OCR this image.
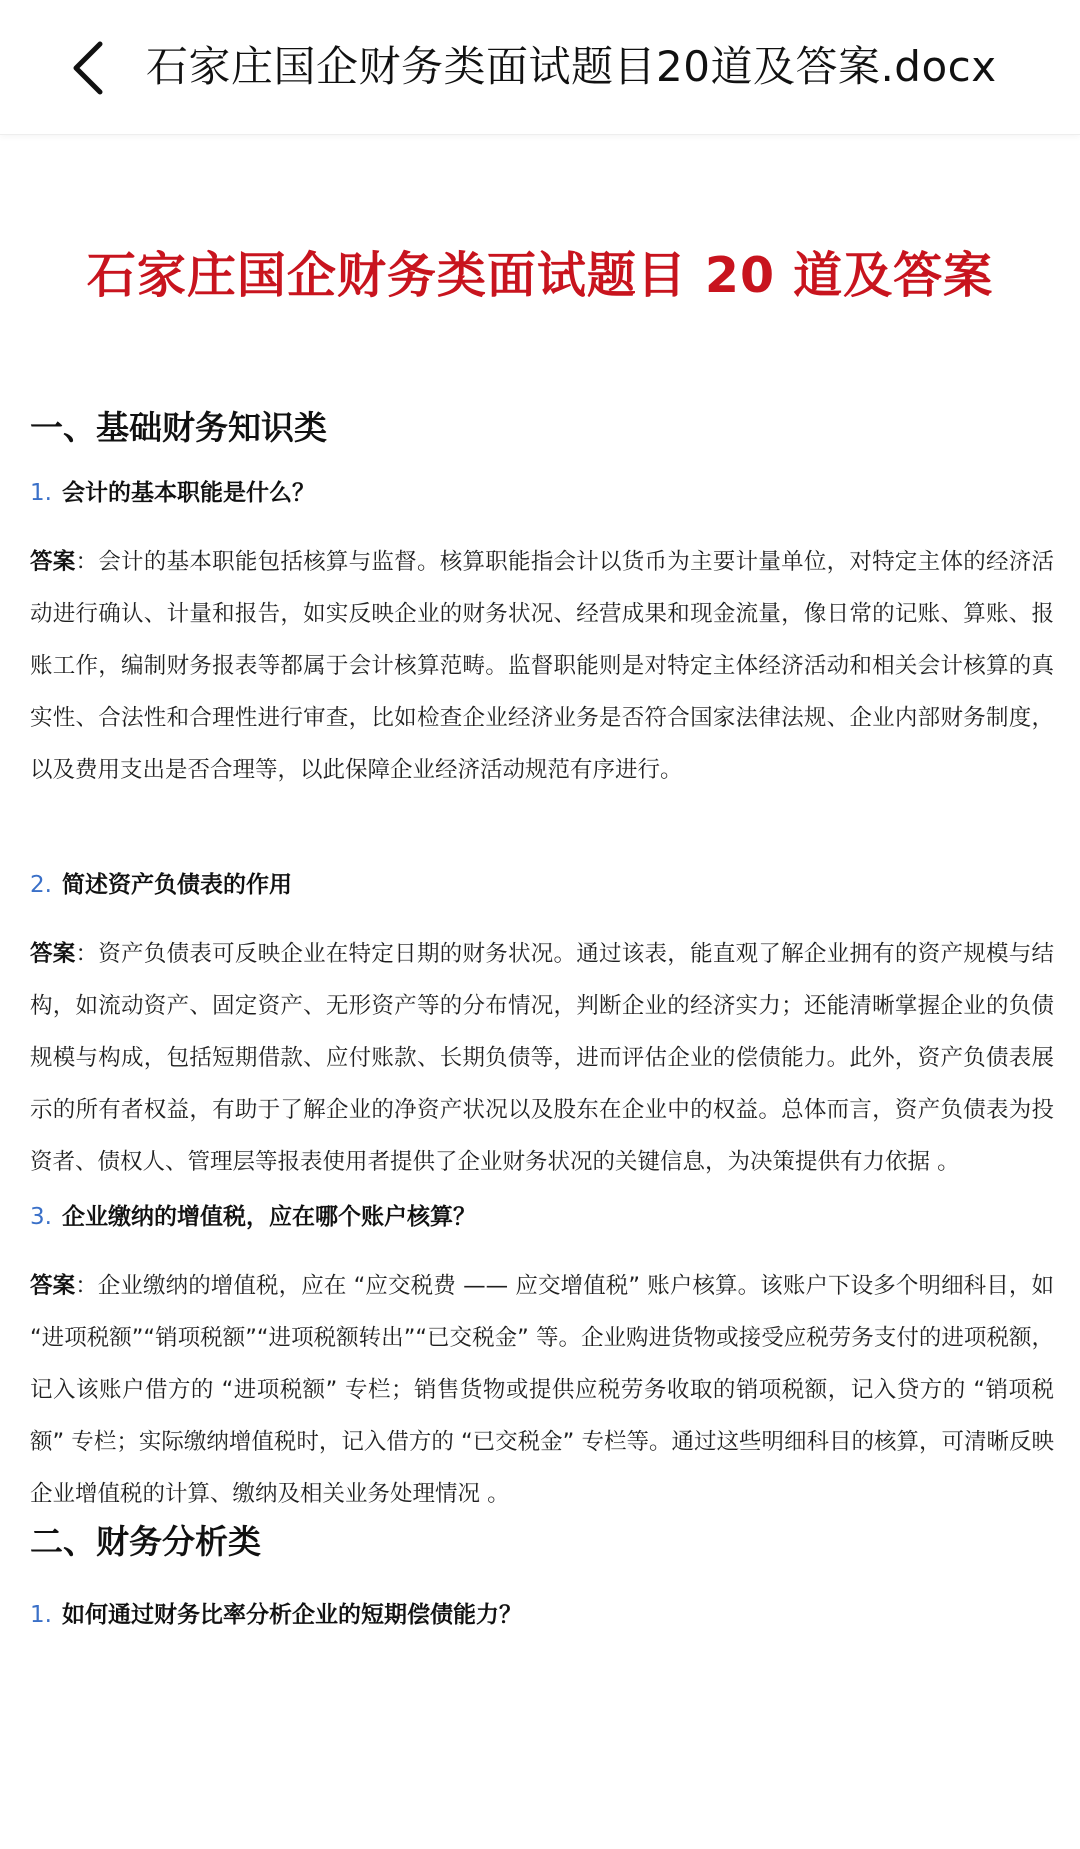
石家庄国企财务类面试题目20道及答案.docx
石家庄国企财务类面试题目 20 道及答案
一、基础财务知识类
1. 会计的基本职能是什么？
答案：会计的基本职能包括核算与监督。核算职能指会计以货币为主要计量单位，对特定主体的经济活动进行确认、计量和报告，如实反映企业的财务状况、经营成果和现金流量，像日常的记账、算账、报账工作，编制财务报表等都属于会计核算范畴。监督职能则是对特定主体经济活动和相关会计核算的真实性、合法性和合理性进行审查，比如检查企业经济业务是否符合国家法律法规、企业内部财务制度，以及费用支出是否合理等，以此保障企业经济活动规范有序进行。
2. 简述资产负债表的作用
答案：资产负债表可反映企业在特定日期的财务状况。通过该表，能直观了解企业拥有的资产规模与结构，如流动资产、固定资产、无形资产等的分布情况，判断企业的经济实力；还能清晰掌握企业的负债规模与构成，包括短期借款、应付账款、长期负债等，进而评估企业的偿债能力。此外，资产负债表展示的所有者权益，有助于了解企业的净资产状况以及股东在企业中的权益。总体而言，资产负债表为投资者、债权人、管理层等报表使用者提供了企业财务状况的关键信息，为决策提供有力依据 。
3. 企业缴纳的增值税，应在哪个账户核算？
答案：企业缴纳的增值税，应在 “应交税费 —— 应交增值税” 账户核算。该账户下设多个明细科目，如 “进项税额”“销项税额”“进项税额转出”“已交税金” 等。企业购进货物或接受应税劳务支付的进项税额，记入该账户借方的 “进项税额” 专栏；销售货物或提供应税劳务收取的销项税额，记入贷方的 “销项税额” 专栏；实际缴纳增值税时，记入借方的 “已交税金” 专栏等。通过这些明细科目的核算，可清晰反映企业增值税的计算、缴纳及相关业务处理情况 。
二、财务分析类
1. 如何通过财务比率分析企业的短期偿债能力？
